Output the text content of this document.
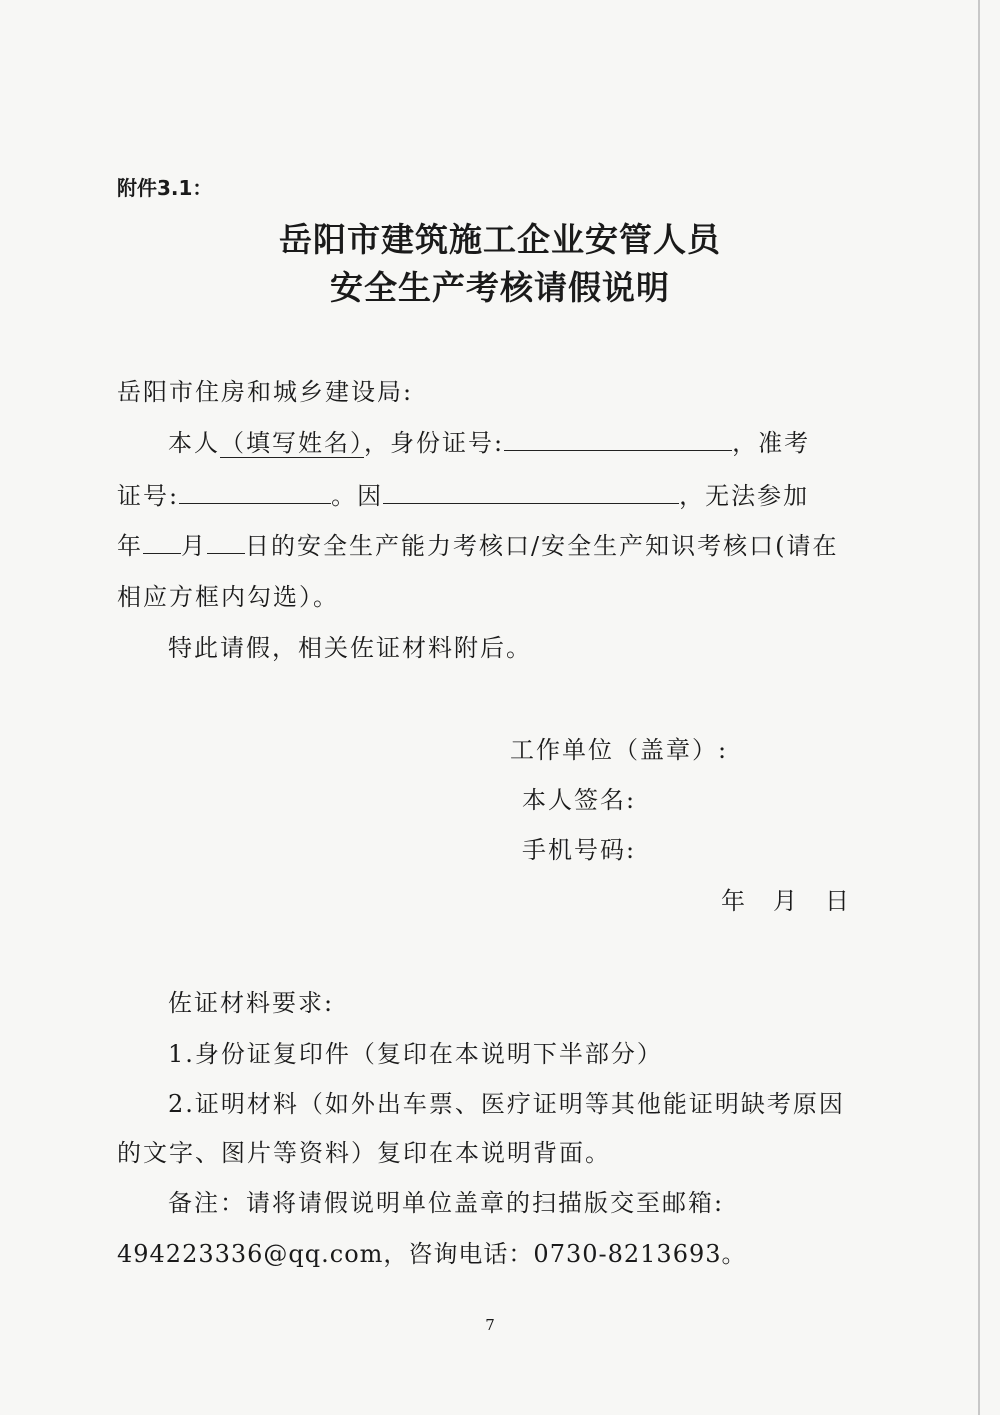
附件3.1：
岳阳市建筑施工企业安管人员
安全生产考核请假说明
岳阳市住房和城乡建设局:
本人（填写姓名），身份证号:	，准考
证号:	。因	，无法参加
年 月 日的安全生产能力考核口/安全生产知识考核口(请在
相应方框内勾选）。
特此请假，相关佐证材料附后。
工作单位（盖章）:
本人签名:
手机号码:
年　月　日
佐证材料要求:
1.身份证复印件（复印在本说明下半部分）
2.证明材料（如外出车票、医疗证明等其他能证明缺考原因
的文字、图片等资料）复印在本说明背面。
备注：请将请假说明单位盖章的扫描版交至邮箱:
494223336@qq.com，咨询电话：0730-8213693。
7
